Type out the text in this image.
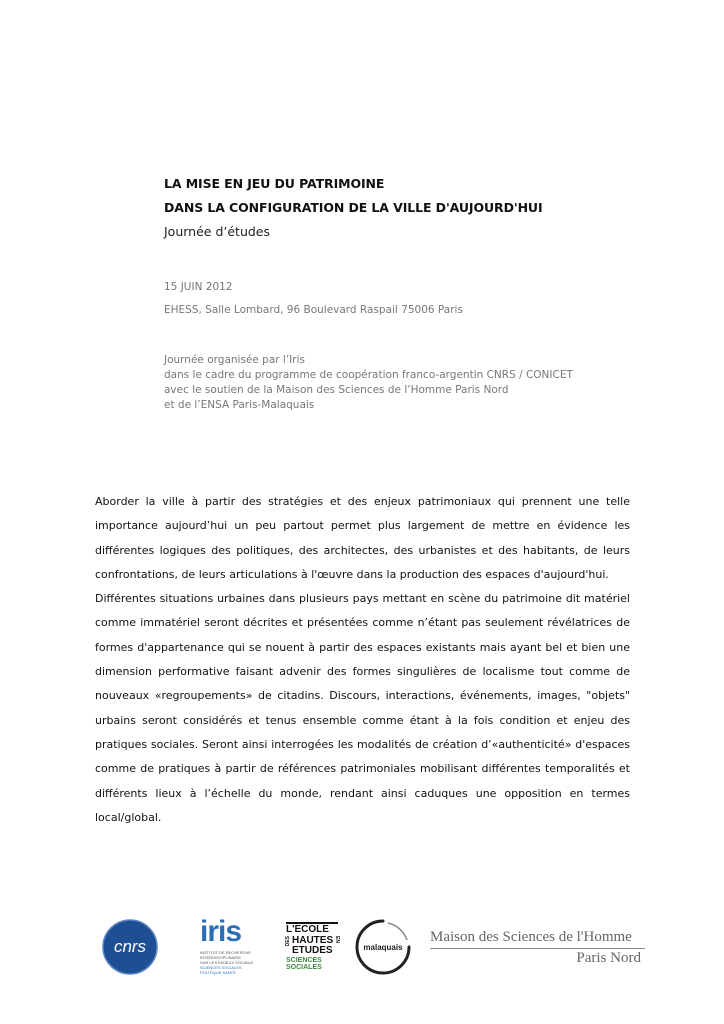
LA MISE EN JEU DU PATRIMOINE
DANS LA CONFIGURATION DE LA VILLE D'AUJOURD'HUI
Journée d’études
15 JUIN 2012
EHESS, Salle Lombard, 96 Boulevard Raspail 75006 Paris
Journée organisée par l’Iris
dans le cadre du programme de coopération franco-argentin CNRS / CONICET
avec le soutien de la Maison des Sciences de l’Homme Paris Nord
et de l’ENSA Paris-Malaquais

Aborder la ville à partir des stratégies et des enjeux patrimoniaux qui prennent une telle importance aujourd’hui un peu partout permet plus largement de mettre en évidence les différentes logiques des politiques, des architectes, des urbanistes et des habitants, de leurs confrontations, de leurs articulations à l'œuvre dans la production des espaces d'aujourd'hui.

Différentes situations urbaines dans plusieurs pays mettant en scène du patrimoine dit matériel comme immatériel seront décrites et présentées comme n’étant pas seulement révélatrices de formes d'appartenance qui se nouent à partir des espaces existants mais ayant bel et bien une dimension performative faisant advenir des formes singulières de localisme tout comme de nouveaux «regroupements» de citadins. Discours, interactions, événements, images, "objets" urbains seront considérés et tenus ensemble comme étant à la fois condition et enjeu des pratiques sociales. Seront ainsi interrogées les modalités de création d’«authenticité» d'espaces comme de pratiques à partir de références patrimoniales mobilisant différentes temporalités et différents lieux à l’échelle du monde, rendant ainsi caduques une opposition en termes local/global.

cnrs iris
INSTITUT DE RECHERCHE
INTERDISCIPLINAIRE
SUR LES ENJEUX SOCIAUX
SCIENCES SOCIALES
POLITIQUE SANTÉ
L'ECOLE
DES HAUTES
ETUDES
EN
SCIENCES
SOCIALES
malaquais
Maison des Sciences de l'Homme
Paris Nord
